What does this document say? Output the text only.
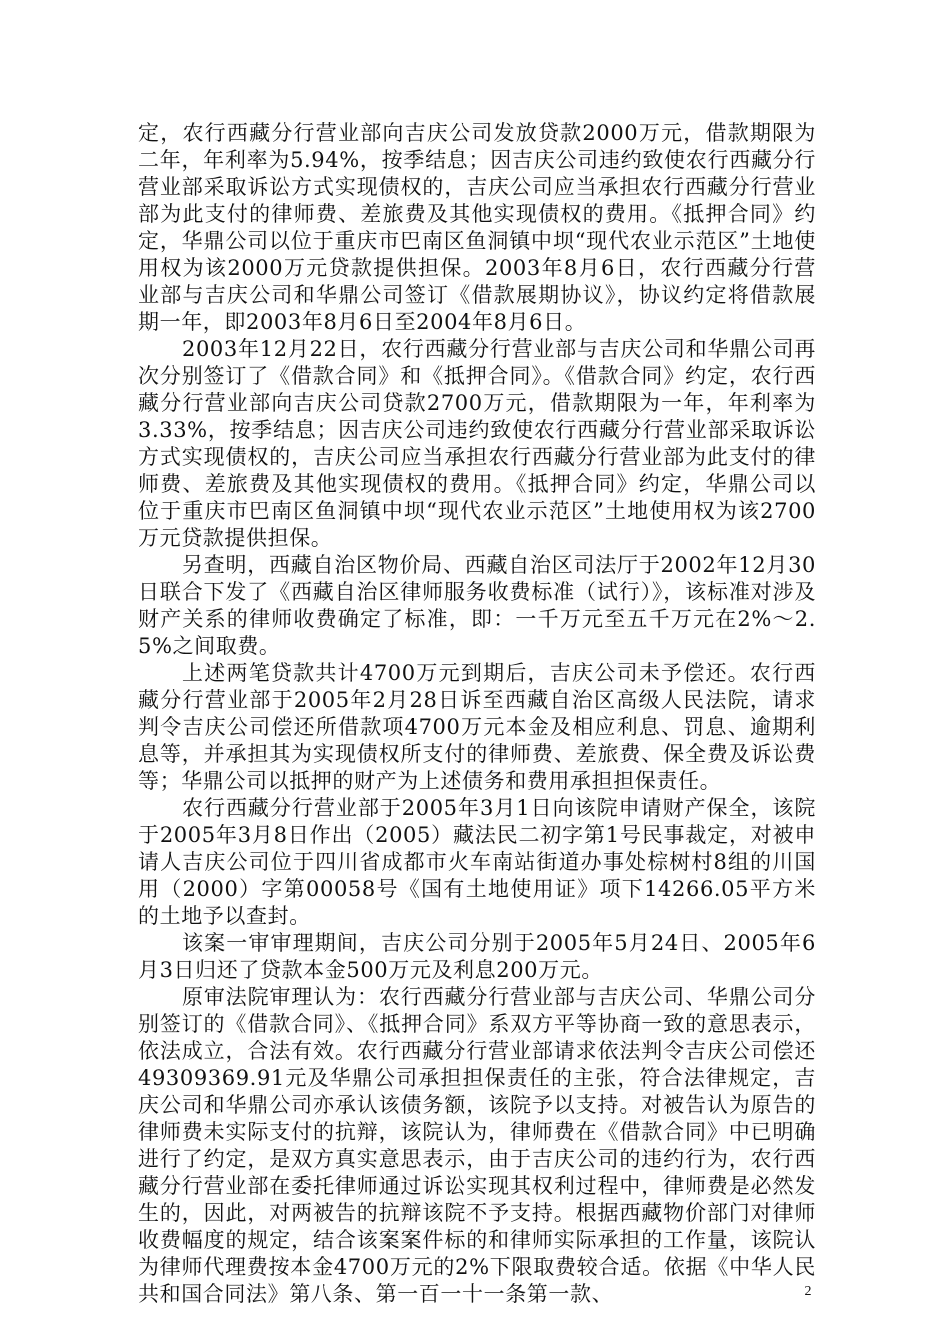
定，农行西藏分行营业部向吉庆公司发放贷款2000万元，借款期限为二年，年利率为5.94%，按季结息；因吉庆公司违约致使农行西藏分行营业部采取诉讼方式实现债权的，吉庆公司应当承担农行西藏分行营业部为此支付的律师费、差旅费及其他实现债权的费用。《抵押合同》约定，华鼎公司以位于重庆市巴南区鱼洞镇中坝“现代农业示范区”土地使用权为该2000万元贷款提供担保。2003年8月6日，农行西藏分行营业部与吉庆公司和华鼎公司签订《借款展期协议》，协议约定将借款展期一年，即2003年8月6日至2004年8月6日。

2003年12月22日，农行西藏分行营业部与吉庆公司和华鼎公司再次分别签订了《借款合同》和《抵押合同》。《借款合同》约定，农行西藏分行营业部向吉庆公司贷款2700万元，借款期限为一年，年利率为3.33%，按季结息；因吉庆公司违约致使农行西藏分行营业部采取诉讼方式实现债权的，吉庆公司应当承担农行西藏分行营业部为此支付的律师费、差旅费及其他实现债权的费用。《抵押合同》约定，华鼎公司以位于重庆市巴南区鱼洞镇中坝“现代农业示范区”土地使用权为该2700万元贷款提供担保。

另查明，西藏自治区物价局、西藏自治区司法厅于2002年12月30日联合下发了《西藏自治区律师服务收费标准（试行）》，该标准对涉及财产关系的律师收费确定了标准，即：一千万元至五千万元在2%～2.5%之间取费。

上述两笔贷款共计4700万元到期后，吉庆公司未予偿还。农行西藏分行营业部于2005年2月28日诉至西藏自治区高级人民法院，请求判令吉庆公司偿还所借款项4700万元本金及相应利息、罚息、逾期利息等，并承担其为实现债权所支付的律师费、差旅费、保全费及诉讼费等；华鼎公司以抵押的财产为上述债务和费用承担担保责任。

农行西藏分行营业部于2005年3月1日向该院申请财产保全，该院于2005年3月8日作出（2005）藏法民二初字第1号民事裁定，对被申请人吉庆公司位于四川省成都市火车南站街道办事处棕树村8组的川国用（2000）字第00058号《国有土地使用证》项下14266.05平方米的土地予以查封。

该案一审审理期间，吉庆公司分别于2005年5月24日、2005年6月3日归还了贷款本金500万元及利息200万元。

原审法院审理认为：农行西藏分行营业部与吉庆公司、华鼎公司分别签订的《借款合同》、《抵押合同》系双方平等协商一致的意思表示，依法成立，合法有效。农行西藏分行营业部请求依法判令吉庆公司偿还49309369.91元及华鼎公司承担担保责任的主张，符合法律规定，吉庆公司和华鼎公司亦承认该债务额，该院予以支持。对被告认为原告的律师费未实际支付的抗辩，该院认为，律师费在《借款合同》中已明确进行了约定，是双方真实意思表示，由于吉庆公司的违约行为，农行西藏分行营业部在委托律师通过诉讼实现其权利过程中，律师费是必然发生的，因此，对两被告的抗辩该院不予支持。根据西藏物价部门对律师收费幅度的规定，结合该案案件标的和律师实际承担的工作量，该院认为律师代理费按本金4700万元的2%下限取费较合适。依据《中华人民共和国合同法》第八条、第一百一十一条第一款、	2
